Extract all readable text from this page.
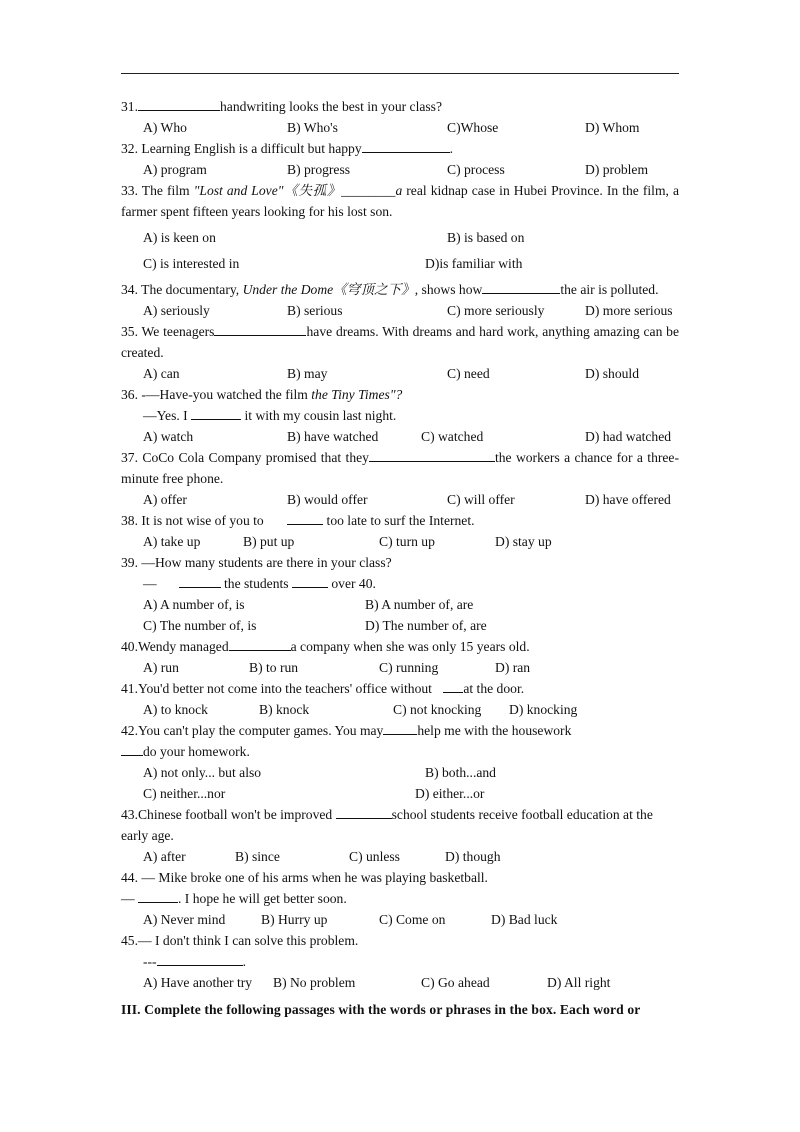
31.	handwriting looks the best in your class?
A) Who	B) Who's	C)Whose	D) Whom
32. Learning English is a difficult but happy	.
A) program	B) progress	C) process	D) problem
33. The film "Lost and Love"《失孤》________a real kidnap case in Hubei Province. In the film, a farmer spent fifteen years looking for his lost son.
A) is keen on	B) is based on
C) is interested in	D)is familiar with
34. The documentary, Under the Dome《穹顶之下》, shows how	the air is polluted.
A) seriously	B) serious	C) more seriously	D) more serious
35. We teenagers	have dreams. With dreams and hard work, anything amazing can be created.
A) can	B) may	C) need	D) should
36. -—Have-you watched the film the Tiny Times"?
—Yes. I	it with my cousin last night.
A) watch	B) have watched	C) watched	D) had watched
37. CoCo Cola Company promised that they	the workers a chance for a three-minute free phone.
A) offer	B) would offer	C) will offer	D) have offered
38. It is not wise of you to	too late to surf the Internet.
A) take up	B) put up	C) turn up	D) stay up
39. —How many students are there in your class?
—	the students	over 40.
A) A number of, is	B) A number of, are
C) The number of, is	D) The number of, are
40.Wendy managed	a company when she was only 15 years old.
A) run	B) to run	C) running	D) ran
41.You'd better not come into the teachers' office without at the door.
A) to knock	B) knock	C) not knocking D) knocking
42.You can't play the computer games. You may	help me with the housework
do your homework.
A) not only... but also	B) both...and
C) neither...nor	D) either...or
43.Chinese football won't be improved	school students receive football education at the early age.
A) after	B) since	C) unless	D) though
44. — Mike broke one of his arms when he was playing basketball.
—	. I hope he will get better soon.
A) Never mind	B) Hurry up	C) Come on	D) Bad luck
45.— I don't think I can solve this problem.
---	.
A) Have another try B) No problem	C) Go ahead	D) All right
III. Complete the following passages with the words or phrases in the box. Each word or
